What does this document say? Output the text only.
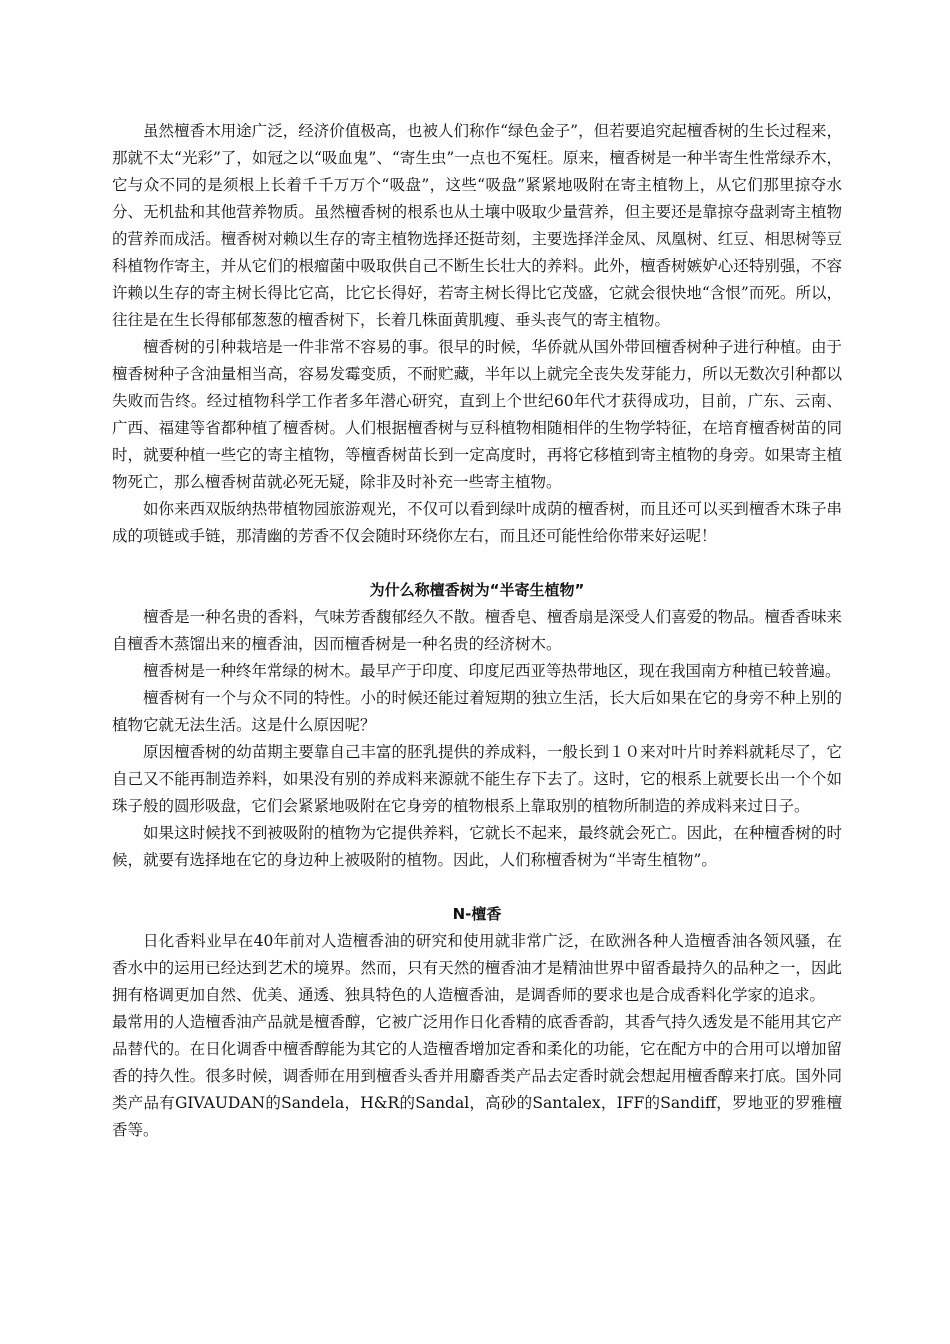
虽然檀香木用途广泛，经济价值极高，也被人们称作“绿色金子”，但若要追究起檀香树的生长过程来，那就不太“光彩”了，如冠之以“吸血鬼”、“寄生虫”一点也不冤枉。原来，檀香树是一种半寄生性常绿乔木，它与众不同的是须根上长着千千万万个“吸盘”，这些“吸盘”紧紧地吸附在寄主植物上，从它们那里掠夺水分、无机盐和其他营养物质。虽然檀香树的根系也从土壤中吸取少量营养，但主要还是靠掠夺盘剥寄主植物的营养而成活。檀香树对赖以生存的寄主植物选择还挺苛刻，主要选择洋金凤、凤凰树、红豆、相思树等豆科植物作寄主，并从它们的根瘤菌中吸取供自己不断生长壮大的养料。此外，檀香树嫉妒心还特别强，不容许赖以生存的寄主树长得比它高，比它长得好，若寄主树长得比它茂盛，它就会很快地“含恨”而死。所以，往往是在生长得郁郁葱葱的檀香树下，长着几株面黄肌瘦、垂头丧气的寄主植物。

檀香树的引种栽培是一件非常不容易的事。很早的时候，华侨就从国外带回檀香树种子进行种植。由于檀香树种子含油量相当高，容易发霉变质，不耐贮藏，半年以上就完全丧失发芽能力，所以无数次引种都以失败而告终。经过植物科学工作者多年潜心研究，直到上个世纪60年代才获得成功，目前，广东、云南、广西、福建等省都种植了檀香树。人们根据檀香树与豆科植物相随相伴的生物学特征，在培育檀香树苗的同时，就要种植一些它的寄主植物，等檀香树苗长到一定高度时，再将它移植到寄主植物的身旁。如果寄主植物死亡，那么檀香树苗就必死无疑，除非及时补充一些寄主植物。

如你来西双版纳热带植物园旅游观光，不仅可以看到绿叶成荫的檀香树，而且还可以买到檀香木珠子串成的项链或手链，那清幽的芳香不仅会随时环绕你左右，而且还可能性给你带来好运呢！

为什么称檀香树为“半寄生植物”

檀香是一种名贵的香料，气味芳香馥郁经久不散。檀香皂、檀香扇是深受人们喜爱的物品。檀香香味来自檀香木蒸馏出来的檀香油，因而檀香树是一种名贵的经济树木。

檀香树是一种终年常绿的树木。最早产于印度、印度尼西亚等热带地区，现在我国南方种植已较普遍。

檀香树有一个与众不同的特性。小的时候还能过着短期的独立生活，长大后如果在它的身旁不种上别的植物它就无法生活。这是什么原因呢？

原因檀香树的幼苗期主要靠自己丰富的胚乳提供的养成料，一般长到１０来对叶片时养料就耗尽了，它自己又不能再制造养料，如果没有别的养成料来源就不能生存下去了。这时，它的根系上就要长出一个个如珠子般的圆形吸盘，它们会紧紧地吸附在它身旁的植物根系上靠取别的植物所制造的养成料来过日子。

如果这时候找不到被吸附的植物为它提供养料，它就长不起来，最终就会死亡。因此，在种檀香树的时候，就要有选择地在它的身边种上被吸附的植物。因此，人们称檀香树为“半寄生植物”。

N-檀香

日化香料业早在40年前对人造檀香油的研究和使用就非常广泛，在欧洲各种人造檀香油各领风骚，在香水中的运用已经达到艺术的境界。然而，只有天然的檀香油才是精油世界中留香最持久的品种之一，因此拥有格调更加自然、优美、通透、独具特色的人造檀香油，是调香师的要求也是合成香料化学家的追求。

最常用的人造檀香油产品就是檀香醇，它被广泛用作日化香精的底香香韵，其香气持久透发是不能用其它产品替代的。在日化调香中檀香醇能为其它的人造檀香增加定香和柔化的功能，它在配方中的合用可以增加留香的持久性。很多时候，调香师在用到檀香头香并用麝香类产品去定香时就会想起用檀香醇来打底。国外同类产品有GIVAUDAN的Sandela，H&R的Sandal，高砂的Santalex，IFF的Sandiff，罗地亚的罗雅檀香等。
